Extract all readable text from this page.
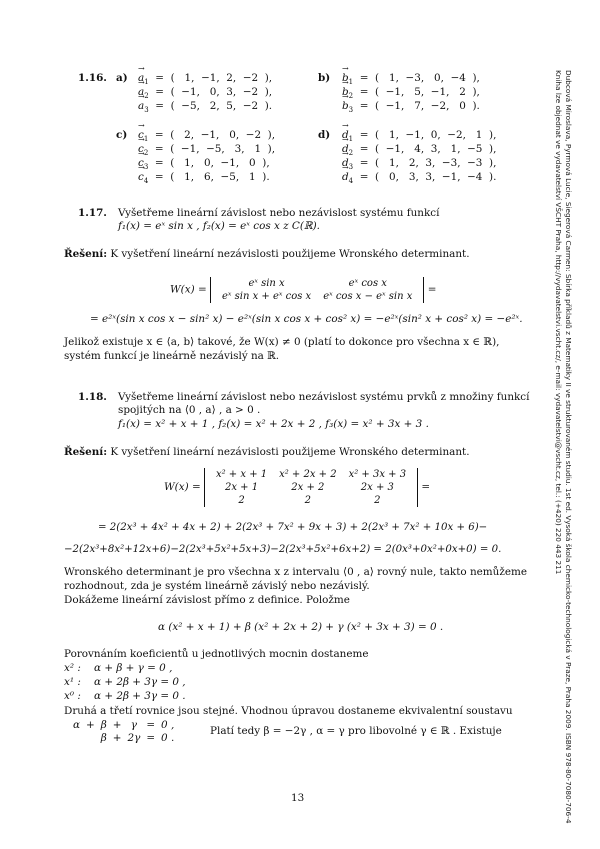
Dubcová Miroslava, Pyrmová Lucie, Siegerová Carmen: Sbírka příkladů z Matematiky II ve strukturovaném studiu. 1st ed. Vysoká škola chemicko-technologická v Praze, Praha 2009. ISBN 978-80-7080-706-4
Kniha lze objednat ve vydavatelství VŠCHT Praha, http://vydavatelstvi.vscht.cz/, e-mail: vydavatelstvi@vscht.cz, tel.: (+420) 220 443 211
1.16. $a) \to a_1$  =  (   1,  −1,  2,  −2  ),
→ $a_2$  =  (  −1,   0,  3,  −2  ),
→ $a_3$  =  (  −5,   2,  5,  −2  ).
$b) \to b_1$  =  (   1,  −3,   0,  −4  ),
→ $b_2$  =  (  −1,   5,  −1,   2  ),
→ $b_3$  =  (  −1,   7,  −2,   0  ).
$c) \to c_1$  =  (   2,  −1,   0,  −2  ),
→ $c_2$  =  (  −1,  −5,   3,   1  ),
→ $c_3$  =  (   1,   0,  −1,   0  ),
→ $c_4$  =  (   1,   6,  −5,   1  ).
$d) \to d_1$  =  (   1,  −1,  0,  −2,   1  ),
→ $d_2$  =  (  −1,   4,  3,   1,  −5  ),
→ $d_3$  =  (   1,   2,  3,  −3,  −3  ),
→ $d_4$  =  (   0,   3,  3,  −1,  −4  ).
1.17. Vyšetřeme lineární závislost nebo nezávislost systému funkcí
f₁(x) = eˣ sin x , f₂(x) = eˣ cos x z C(ℝ).
Řešení: K vyšetření lineární nezávislosti použijeme Wronského determinant.
W(x) =	eˣ sin x	eˣ cos x
eˣ sin x + eˣ cos x	eˣ cos x − eˣ sin x
=
= e²ˣ(sin x cos x − sin² x) − e²ˣ(sin x cos x + cos² x) = −e²ˣ(sin² x + cos² x) = −e²ˣ.
Jelikož existuje x ∈ ⟨a, b⟩ takové, že W(x) ≠ 0 (platí to dokonce pro všechna x ∈ ℝ),
systém funkcí je lineárně nezávislý na ℝ.
1.18. Vyšetřeme lineární závislost nebo nezávislost systému prvků z množiny funkcí
spojitých na ⟨0 , a⟩ , a > 0 .
f₁(x) = x² + x + 1 , f₂(x) = x² + 2x + 2 , f₃(x) = x² + 3x + 3 .
Řešení: K vyšetření lineární nezávislosti použijeme Wronského determinant.
W(x) =
x² + x + 1	x² + 2x + 2	x² + 3x + 3
2x + 1	2x + 2	2x + 3
2	2	2
=
= 2(2x³ + 4x² + 4x + 2) + 2(2x³ + 7x² + 9x + 3) + 2(2x³ + 7x² + 10x + 6)−
−2(2x³+8x²+12x+6)−2(2x³+5x²+5x+3)−2(2x³+5x²+6x+2) = 2(0x³+0x²+0x+0) = 0.
Wronského determinant je pro všechna x z intervalu ⟨0 , a⟩ rovný nule, takto nemůžeme
rozhodnout, zda je systém lineárně závislý nebo nezávislý.
Dokážeme lineární závislost přímo z definice. Položme
α (x² + x + 1) + β (x² + 2x + 2) + γ (x² + 3x + 3) = 0 .
Porovnáním koeficientů u jednotlivých mocnin dostaneme
x² : α + β + γ = 0 ,
x¹ : α + 2β + 3γ = 0 ,
x⁰ : α + 2β + 3γ = 0 .
Druhá a třetí rovnice jsou stejné. Vhodnou úpravou dostaneme ekvivalentní soustavu
α	+	β	+	γ	=	0 ,
		β	+	2γ	=	0 .
Platí tedy β = −2γ , α = γ pro libovolné γ ∈ ℝ . Existuje
13
